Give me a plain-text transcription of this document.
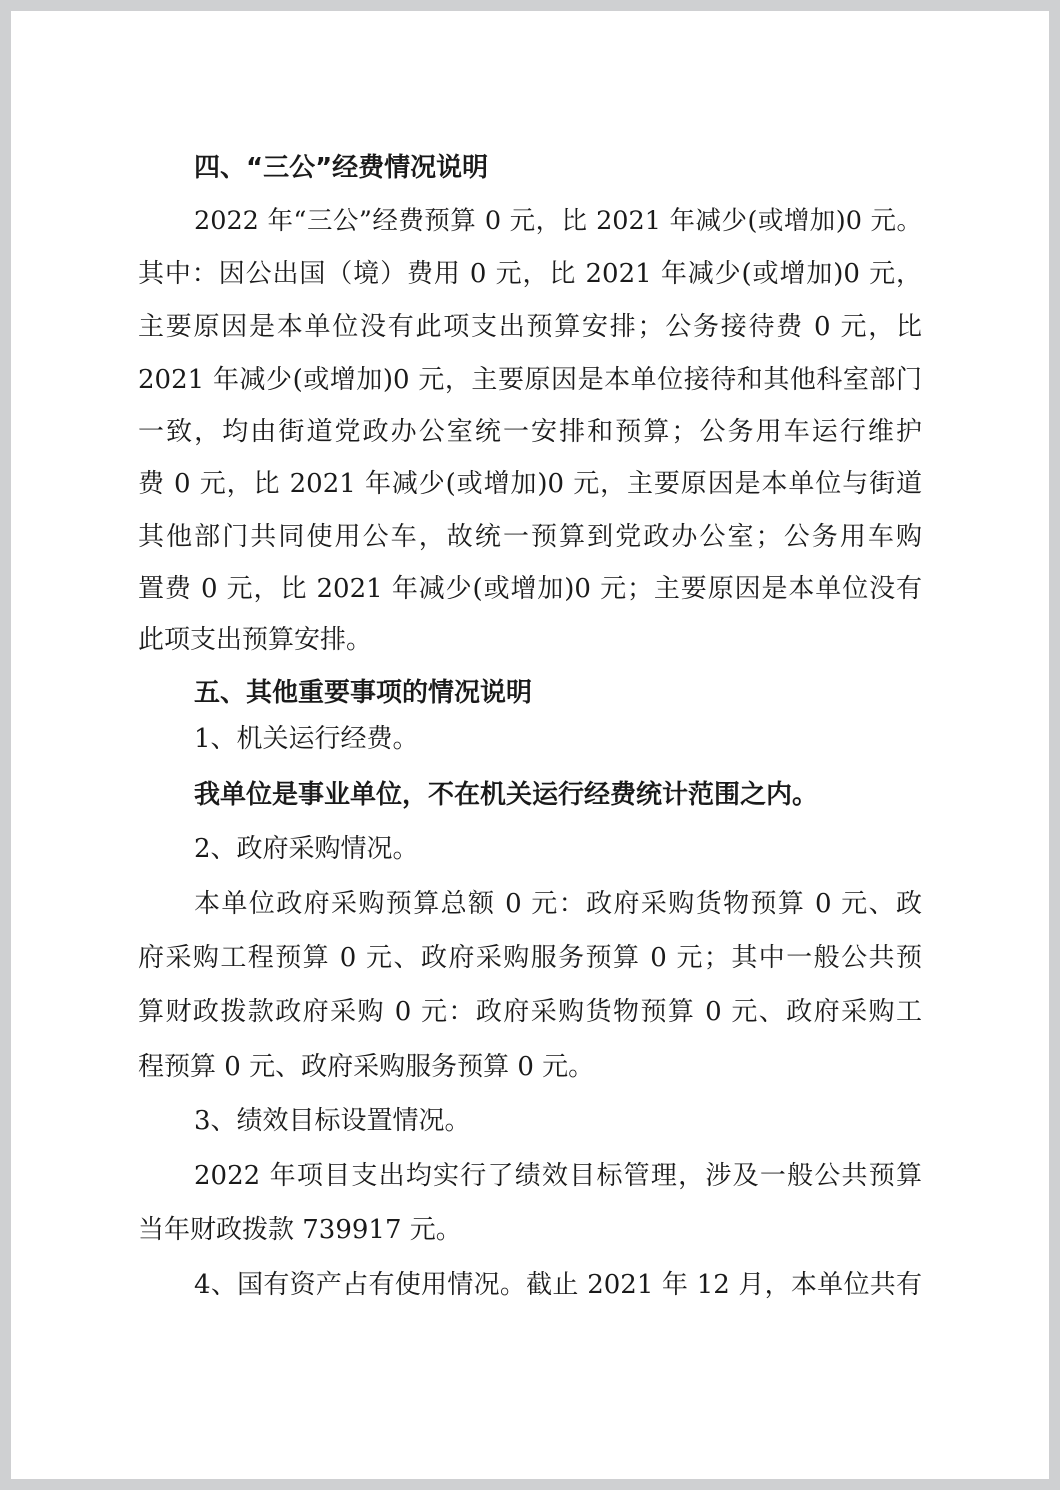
四、“三公”经费情况说明

2022 年“三公”经费预算 0 元，比 2021 年减少(或增加)0 元。

其中：因公出国（境）费用 0 元，比 2021 年减少(或增加)0 元，

主要原因是本单位没有此项支出预算安排；公务接待费 0 元，比

2021 年减少(或增加)0 元，主要原因是本单位接待和其他科室部门

一致，均由街道党政办公室统一安排和预算；公务用车运行维护

费 0 元，比 2021 年减少(或增加)0 元，主要原因是本单位与街道

其他部门共同使用公车，故统一预算到党政办公室；公务用车购

置费 0 元，比 2021 年减少(或增加)0 元；主要原因是本单位没有

此项支出预算安排。

五、其他重要事项的情况说明

1、机关运行经费。

我单位是事业单位，不在机关运行经费统计范围之内。

2、政府采购情况。

本单位政府采购预算总额 0 元：政府采购货物预算 0 元、政

府采购工程预算 0 元、政府采购服务预算 0 元；其中一般公共预

算财政拨款政府采购 0 元：政府采购货物预算 0 元、政府采购工

程预算 0 元、政府采购服务预算 0 元。

3、绩效目标设置情况。

2022 年项目支出均实行了绩效目标管理，涉及一般公共预算

当年财政拨款 739917 元。

4、国有资产占有使用情况。截止 2021 年 12 月，本单位共有
